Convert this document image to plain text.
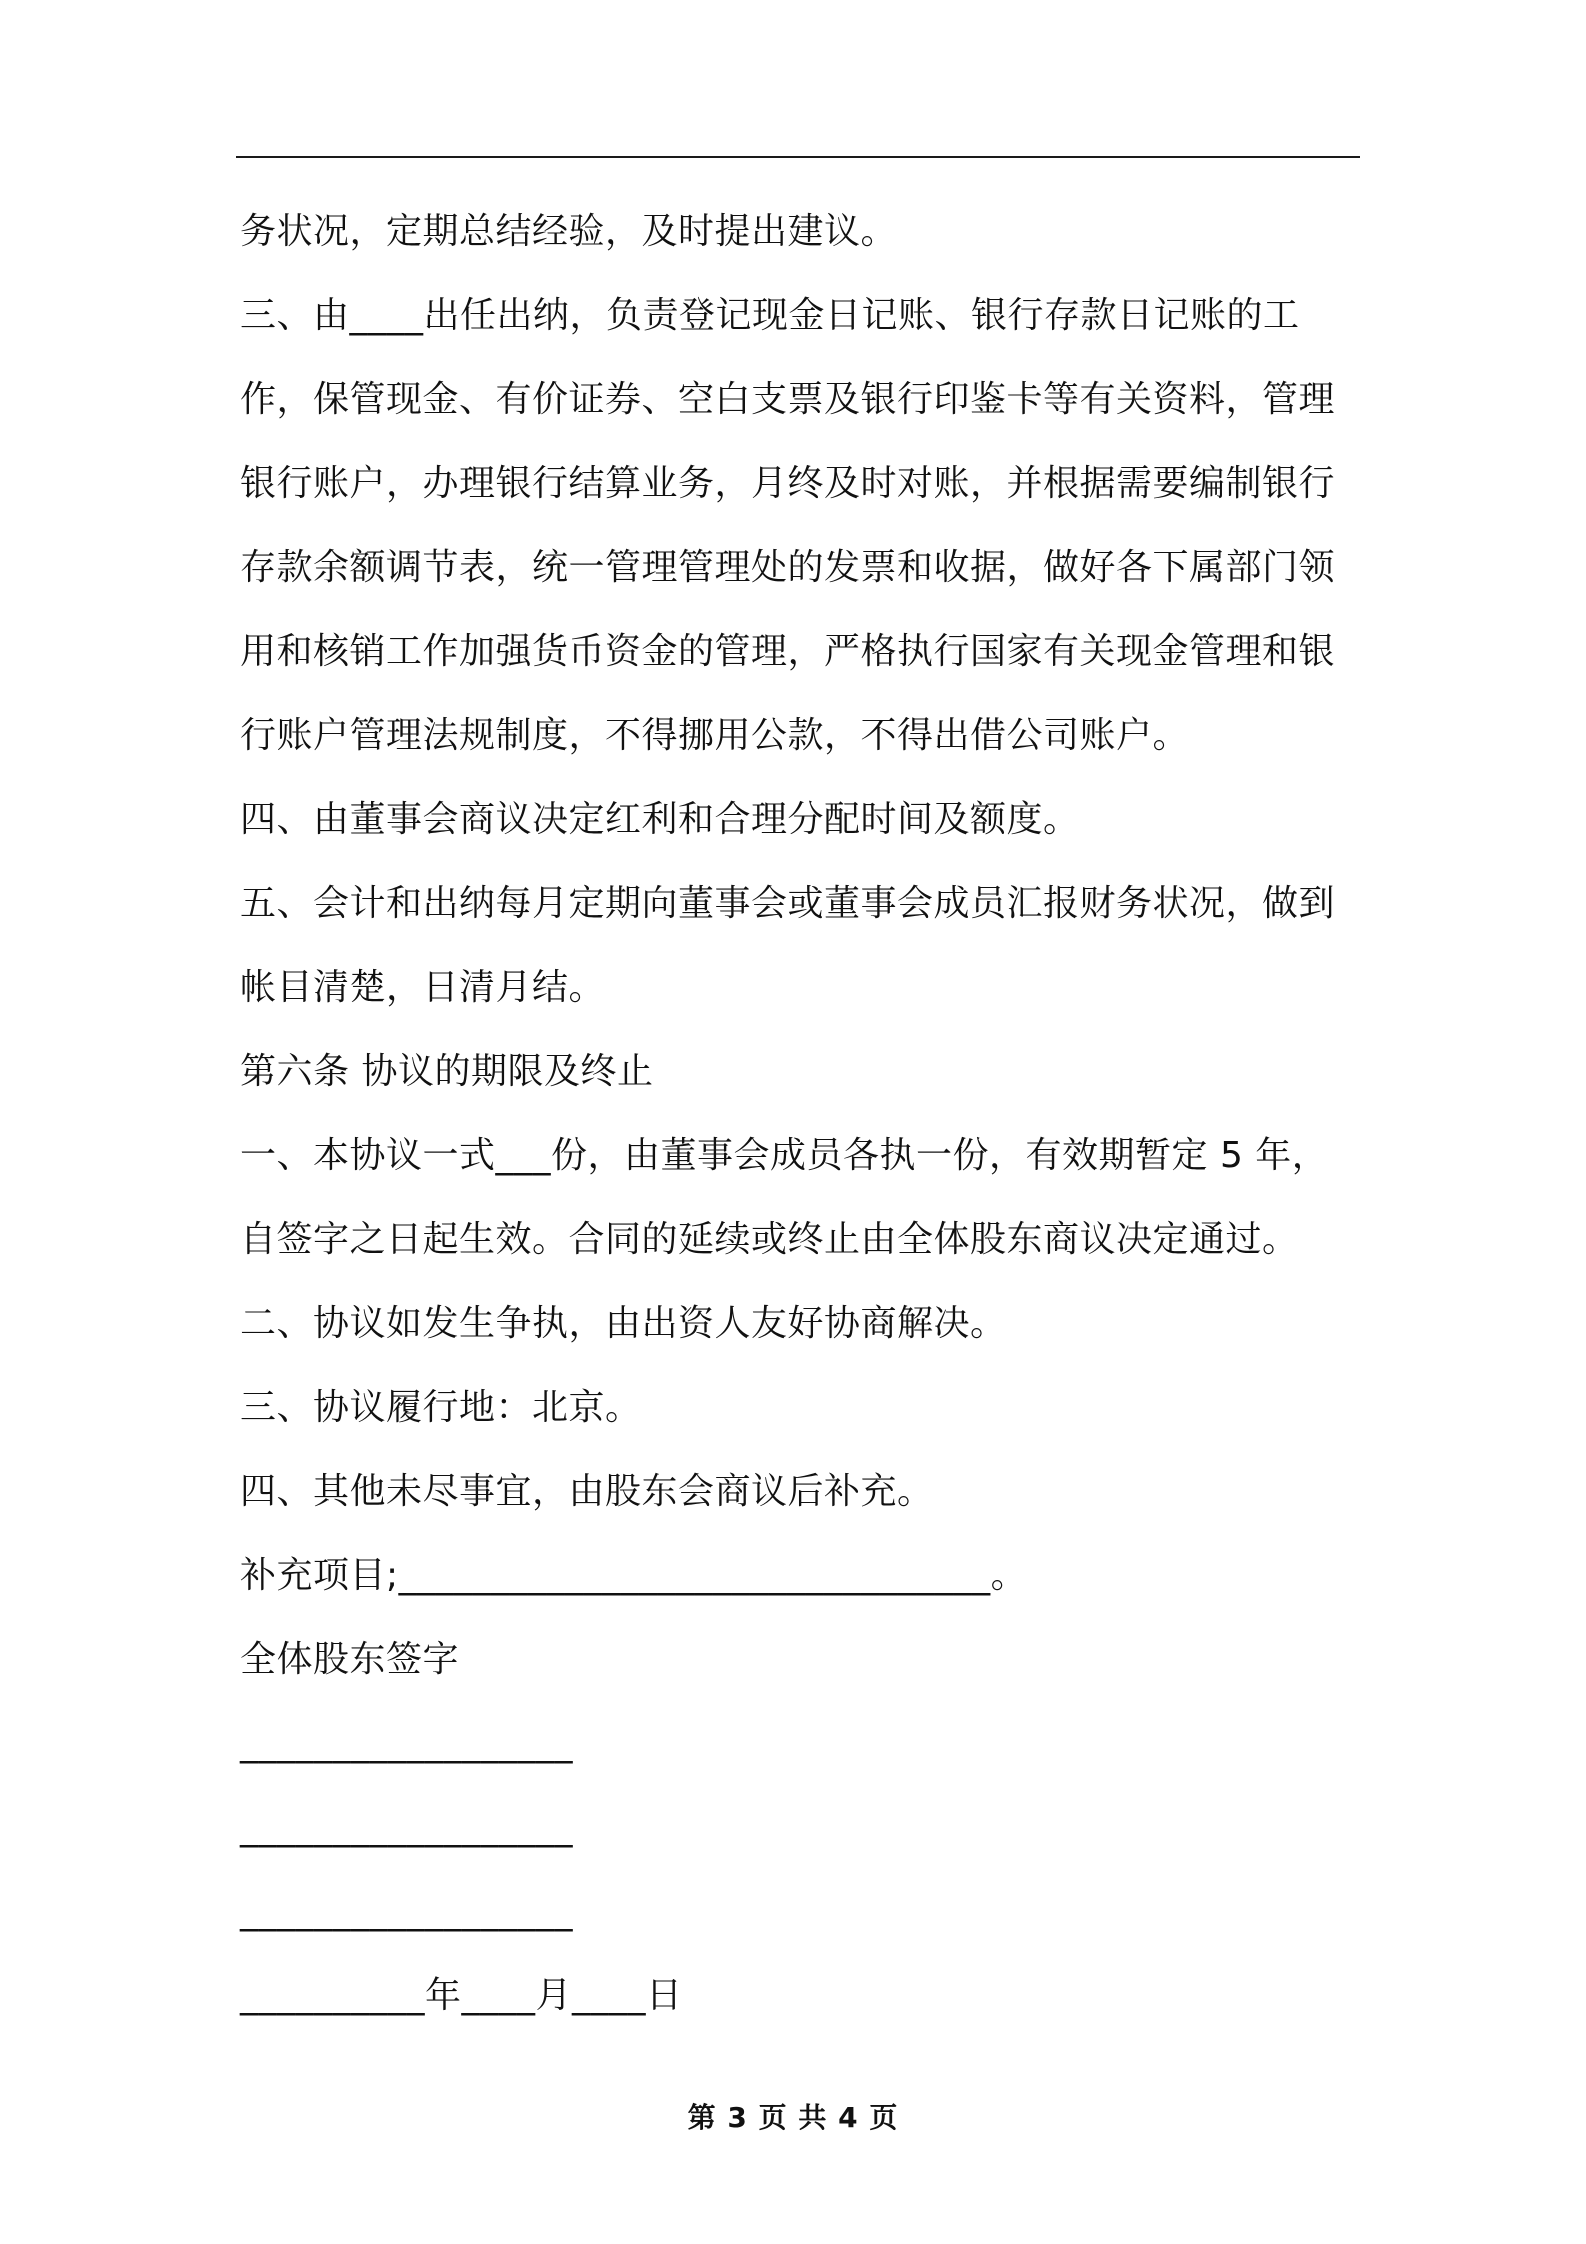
务状况，定期总结经验，及时提出建议。

三、由____出任出纳，负责登记现金日记账、银行存款日记账的工作，保管现金、有价证券、空白支票及银行印鉴卡等有关资料，管理银行账户，办理银行结算业务，月终及时对账，并根据需要编制银行存款余额调节表，统一管理管理处的发票和收据，做好各下属部门领用和核销工作加强货币资金的管理，严格执行国家有关现金管理和银行账户管理法规制度，不得挪用公款，不得出借公司账户。

四、由董事会商议决定红利和合理分配时间及额度。

五、会计和出纳每月定期向董事会或董事会成员汇报财务状况，做到帐目清楚，日清月结。

第六条 协议的期限及终止

一、本协议一式___份，由董事会成员各执一份，有效期暂定 5 年，自签字之日起生效。合同的延续或终止由全体股东商议决定通过。

二、协议如发生争执，由出资人友好协商解决。

三、协议履行地：北京。

四、其他未尽事宜，由股东会商议后补充。

补充项目;________________________________。

全体股东签字

__________________

__________________

__________________

__________年____月____日

第 3 页 共 4 页
